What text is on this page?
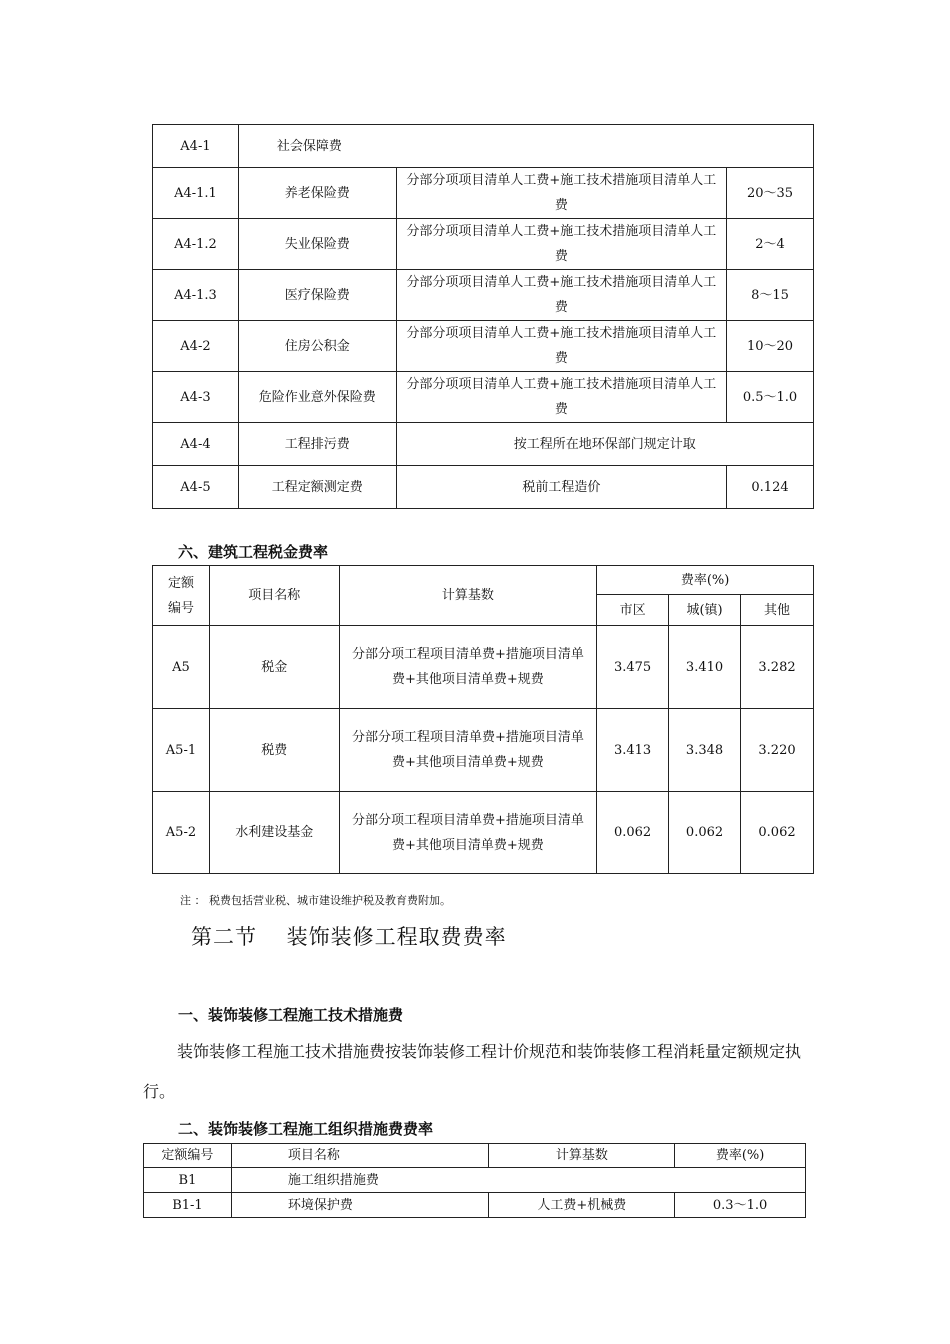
A4-1	社会保障费		
A4-1.1	养老保险费	分部分项项目清单人工费+施工技术措施项目清单人工费	20～35
A4-1.2	失业保险费	分部分项项目清单人工费+施工技术措施项目清单人工费	2～4
A4-1.3	医疗保险费	分部分项项目清单人工费+施工技术措施项目清单人工费	8～15
A4-2	住房公积金	分部分项项目清单人工费+施工技术措施项目清单人工费	10～20
A4-3	危险作业意外保险费	分部分项项目清单人工费+施工技术措施项目清单人工费	0.5～1.0
A4-4	工程排污费	按工程所在地环保部门规定计取	
A4-5	工程定额测定费	税前工程造价	0.124
六、建筑工程税金费率
定额编号	项目名称	计算基数	费率(%)		
			市区	城(镇)	其他
A5	税金	分部分项工程项目清单费+措施项目清单费+其他项目清单费+规费	3.475	3.410	3.282
A5-1	税费	分部分项工程项目清单费+措施项目清单费+其他项目清单费+规费	3.413	3.348	3.220
A5-2	水利建设基金	分部分项工程项目清单费+措施项目清单费+其他项目清单费+规费	0.062	0.062	0.062
注 ： 税费包括营业税、城市建设维护税及教育费附加。
第二节　 装饰装修工程取费费率
一、装饰装修工程施工技术措施费
装饰装修工程施工技术措施费按装饰装修工程计价规范和装饰装修工程消耗量定额规定执行。
二、装饰装修工程施工组织措施费费率
定额编号	项目名称	计算基数	费率(%)
B1	施工组织措施费		
B1-1	环境保护费	人工费+机械费	0.3～1.0
